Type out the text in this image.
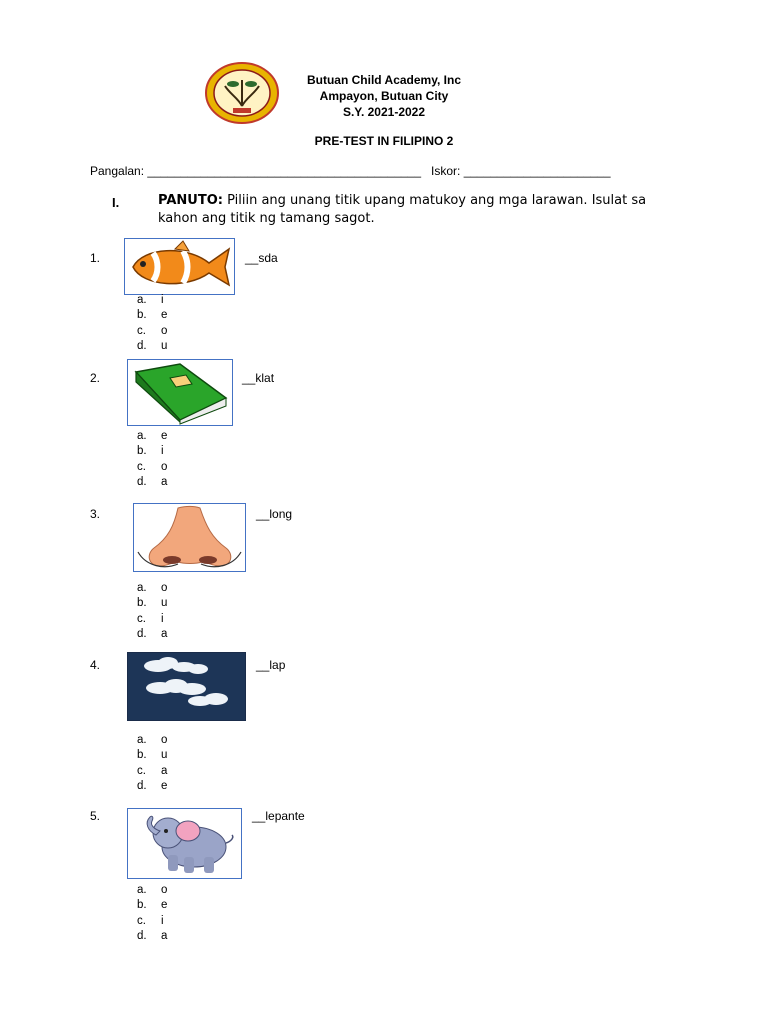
Butuan Child Academy, Inc
Ampayon, Butuan City
S.Y. 2021-2022
PRE-TEST IN FILIPINO 2
Pangalan: _________________________________________ Iskor: ______________________
I.	PANUTO: Piliin ang unang titik upang matukoy ang mga larawan. Isulat sa kahon ang titik ng tamang sagot.
1.	__sda
a.	i
b.	e
c.	o
d.	u
2.	__klat
a.	e
b.	i
c.	o
d.	a
3.	__long
a.	o
b.	u
c.	i
d.	a
4.	__lap
a.	o
b.	u
c.	a
d.	e
5.	__lepante
a.	o
b.	e
c.	i
d.	a
